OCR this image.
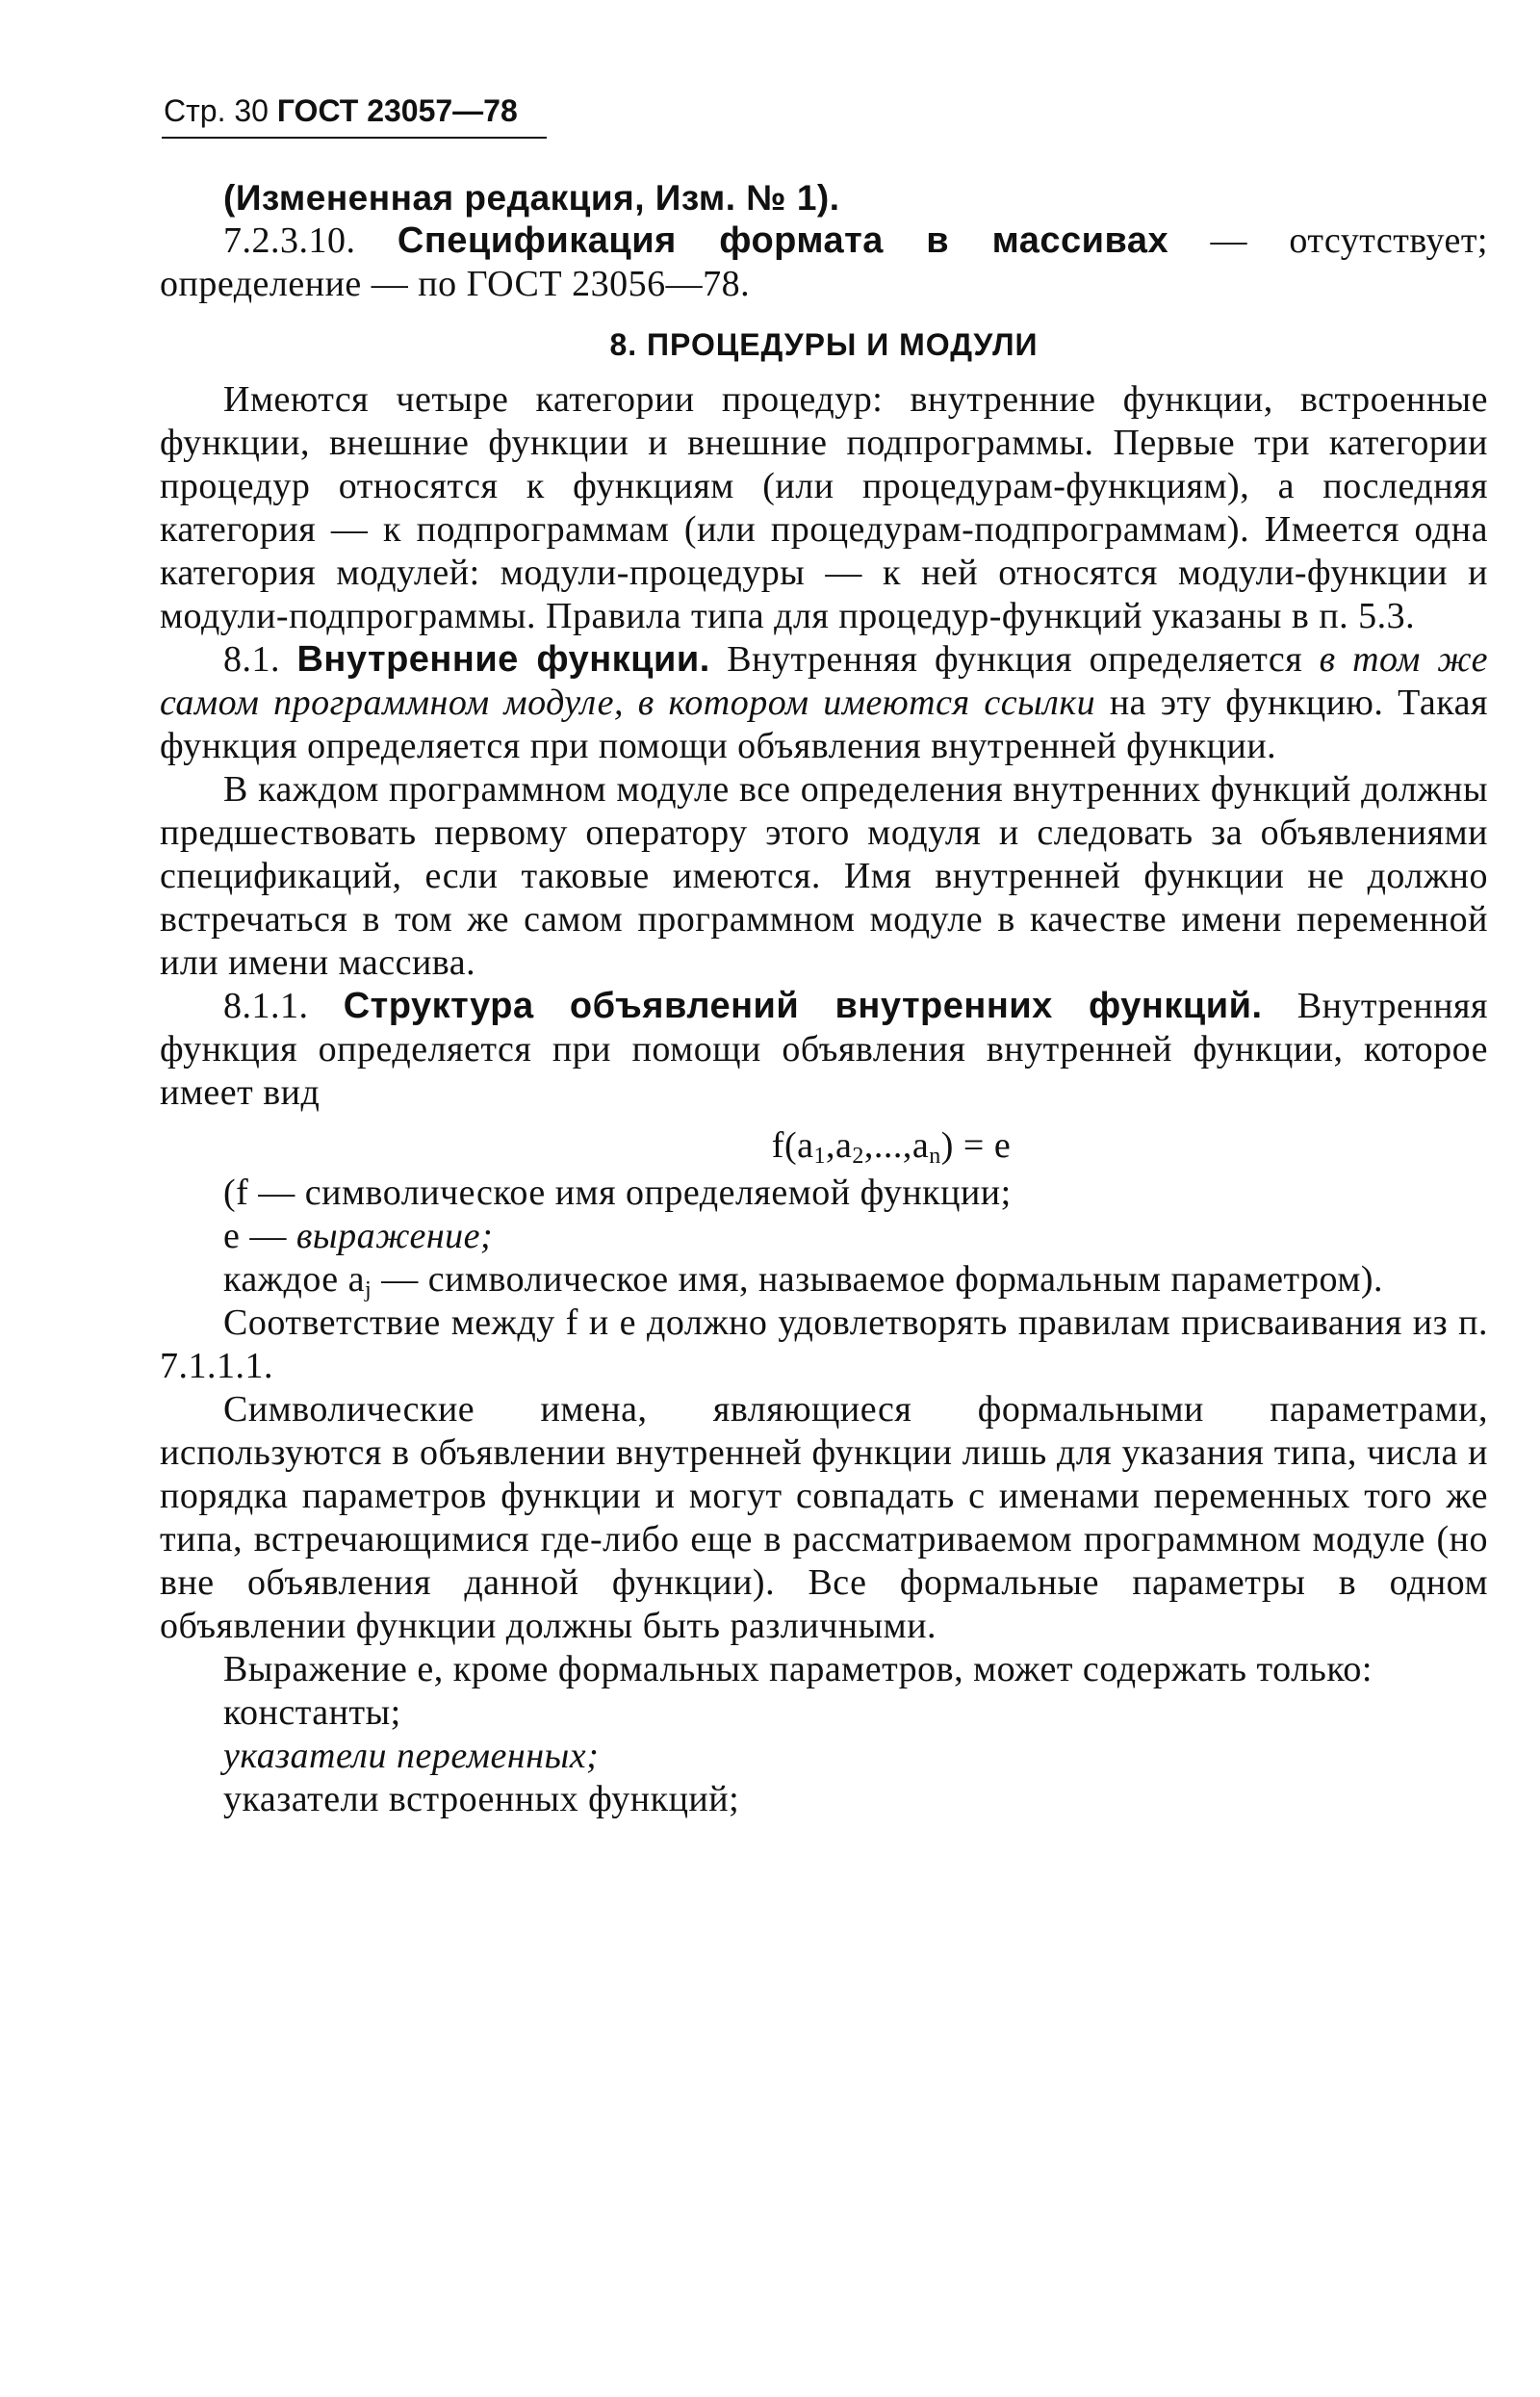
Стр. 30 ГОСТ 23057—78

(Измененная редакция, Изм. № 1).

7.2.3.10. Спецификация формата в массивах — отсутствует; определение — по ГОСТ 23056—78.

8. ПРОЦЕДУРЫ И МОДУЛИ

Имеются четыре категории процедур: внутренние функции, встроенные функции, внешние функции и внешние подпрограммы. Первые три категории процедур относятся к функциям (или процедурам-функциям), а последняя категория — к подпрограммам (или процедурам-подпрограммам). Имеется одна категория модулей: модули-процедуры — к ней относятся модули-функции и модули-подпрограммы. Правила типа для процедур-функций указаны в п. 5.3.

8.1. Внутренние функции. Внутренняя функция определяется в том же самом программном модуле, в котором имеются ссылки на эту функцию. Такая функция определяется при помощи объявления внутренней функции.

В каждом программном модуле все определения внутренних функций должны предшествовать первому оператору этого модуля и следовать за объявлениями спецификаций, если таковые имеются. Имя внутренней функции не должно встречаться в том же самом программном модуле в качестве имени переменной или имени массива.

8.1.1. Структура объявлений внутренних функций. Внутренняя функция определяется при помощи объявления внутренней функции, которое имеет вид

$f(a_1,a_2,...,a_n) = e$

(f — символическое имя определяемой функции;

e — выражение;

каждое $a_j$ — символическое имя, называемое формальным параметром).

Соответствие между f и e должно удовлетворять правилам присваивания из п. 7.1.1.1.

Символические имена, являющиеся формальными параметрами, используются в объявлении внутренней функции лишь для указания типа, числа и порядка параметров функции и могут совпадать с именами переменных того же типа, встречающимися где-либо еще в рассматриваемом программном модуле (но вне объявления данной функции). Все формальные параметры в одном объявлении функции должны быть различными.

Выражение e, кроме формальных параметров, может содержать только:

константы;

указатели переменных;

указатели встроенных функций;
